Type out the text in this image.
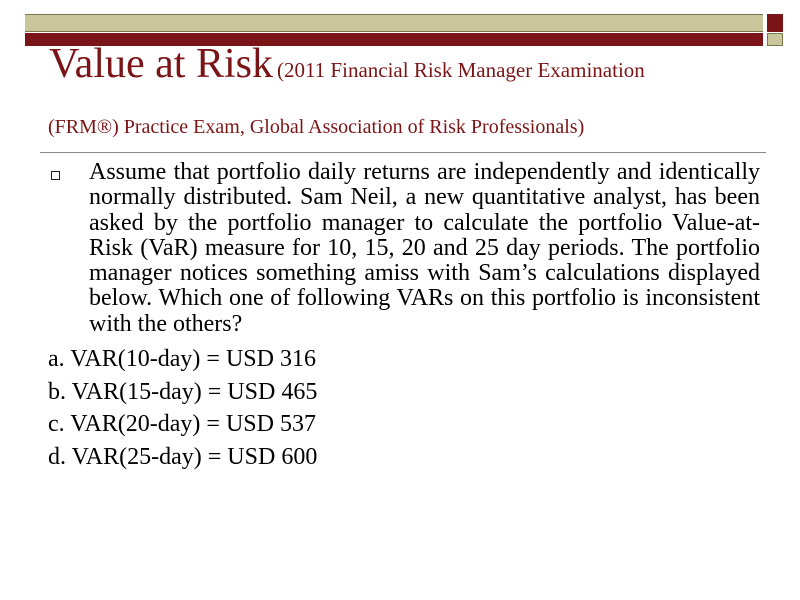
Value at Risk (2011 Financial Risk Manager Examination
(FRM®) Practice Exam, Global Association of Risk Professionals)
Assume that portfolio daily returns are independently and identically normally distributed. Sam Neil, a new quantitative analyst, has been asked by the portfolio manager to calculate the portfolio Value-at-Risk (VaR) measure for 10, 15, 20 and 25 day periods. The portfolio manager notices something amiss with Sam’s calculations displayed below. Which one of following VARs on this portfolio is inconsistent with the others?
a. VAR(10-day) = USD 316
b. VAR(15-day) = USD 465
c. VAR(20-day) = USD 537
d. VAR(25-day) = USD 600
